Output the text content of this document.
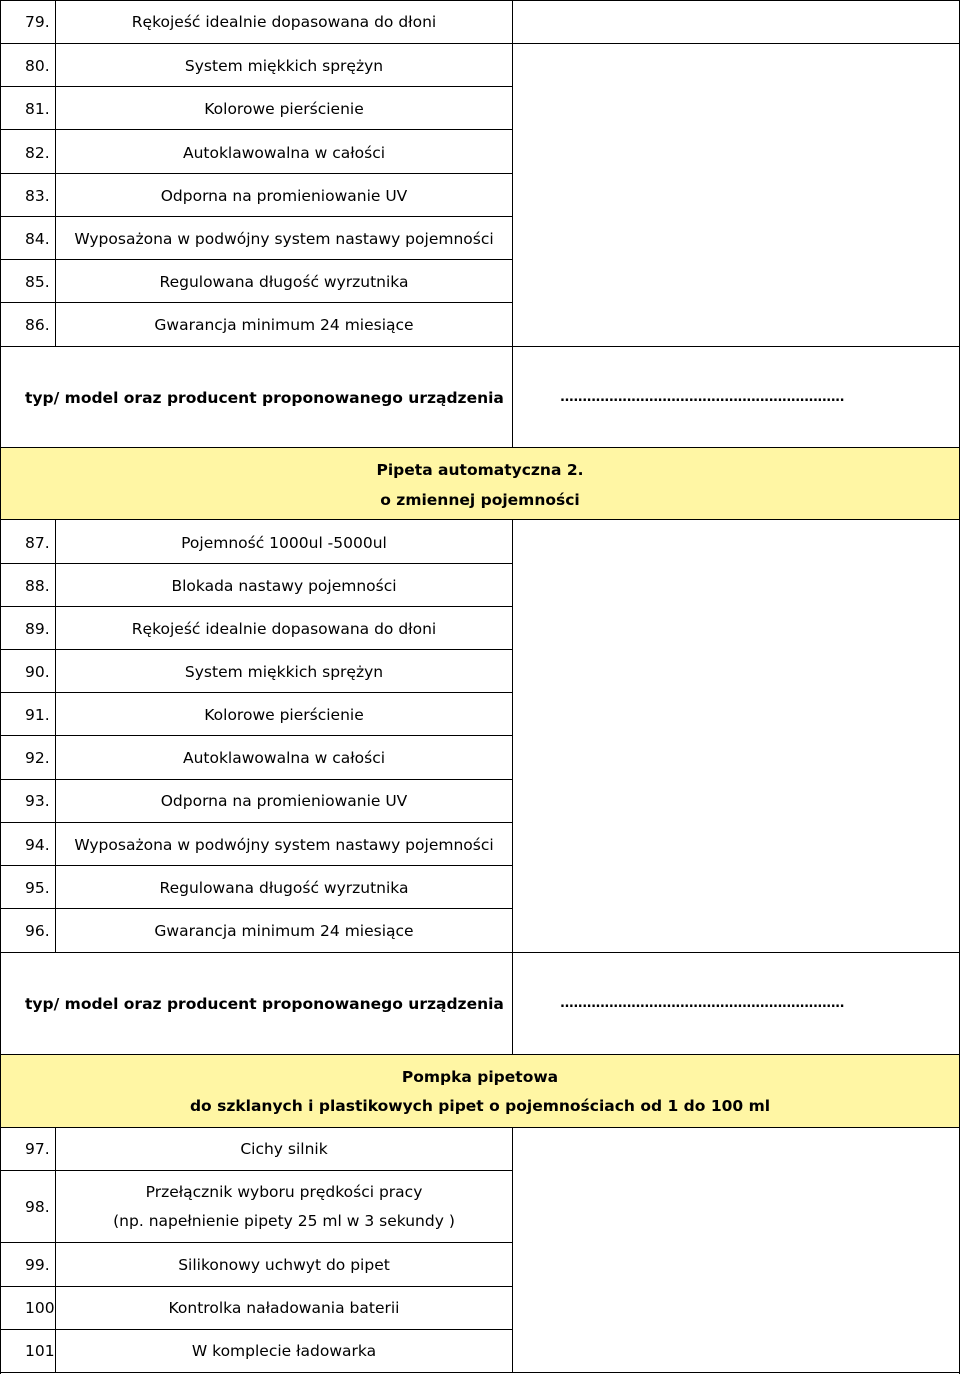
79.	Rękojeść idealnie dopasowana do dłoni
80.	System miękkich sprężyn
81.	Kolorowe pierścienie
82.	Autoklawowalna w całości
83.	Odporna na promieniowanie UV
84. Wyposażona w podwójny system nastawy pojemności
85.	Regulowana długość wyrzutnika
86.	Gwarancja minimum 24 miesiące
typ/ model oraz producent proponowanego urządzenia	................................................................
Pipeta automatyczna 2.
o zmiennej pojemności
87.	Pojemność 1000ul -5000ul
88.	Blokada nastawy pojemności
89.	Rękojeść idealnie dopasowana do dłoni
90.	System miękkich sprężyn
91.	Kolorowe pierścienie
92.	Autoklawowalna w całości
93.	Odporna na promieniowanie UV
94. Wyposażona w podwójny system nastawy pojemności
95.	Regulowana długość wyrzutnika
96.	Gwarancja minimum 24 miesiące
typ/ model oraz producent proponowanego urządzenia	................................................................
Pompka pipetowa
do szklanych i plastikowych pipet o pojemnościach od 1 do 100 ml
97.	Cichy silnik
98.
Przełącznik wyboru prędkości pracy
(np. napełnienie pipety 25 ml w 3 sekundy )
99.	Silikonowy uchwyt do pipet
100	Kontrolka naładowania baterii
101	W komplecie ładowarka
